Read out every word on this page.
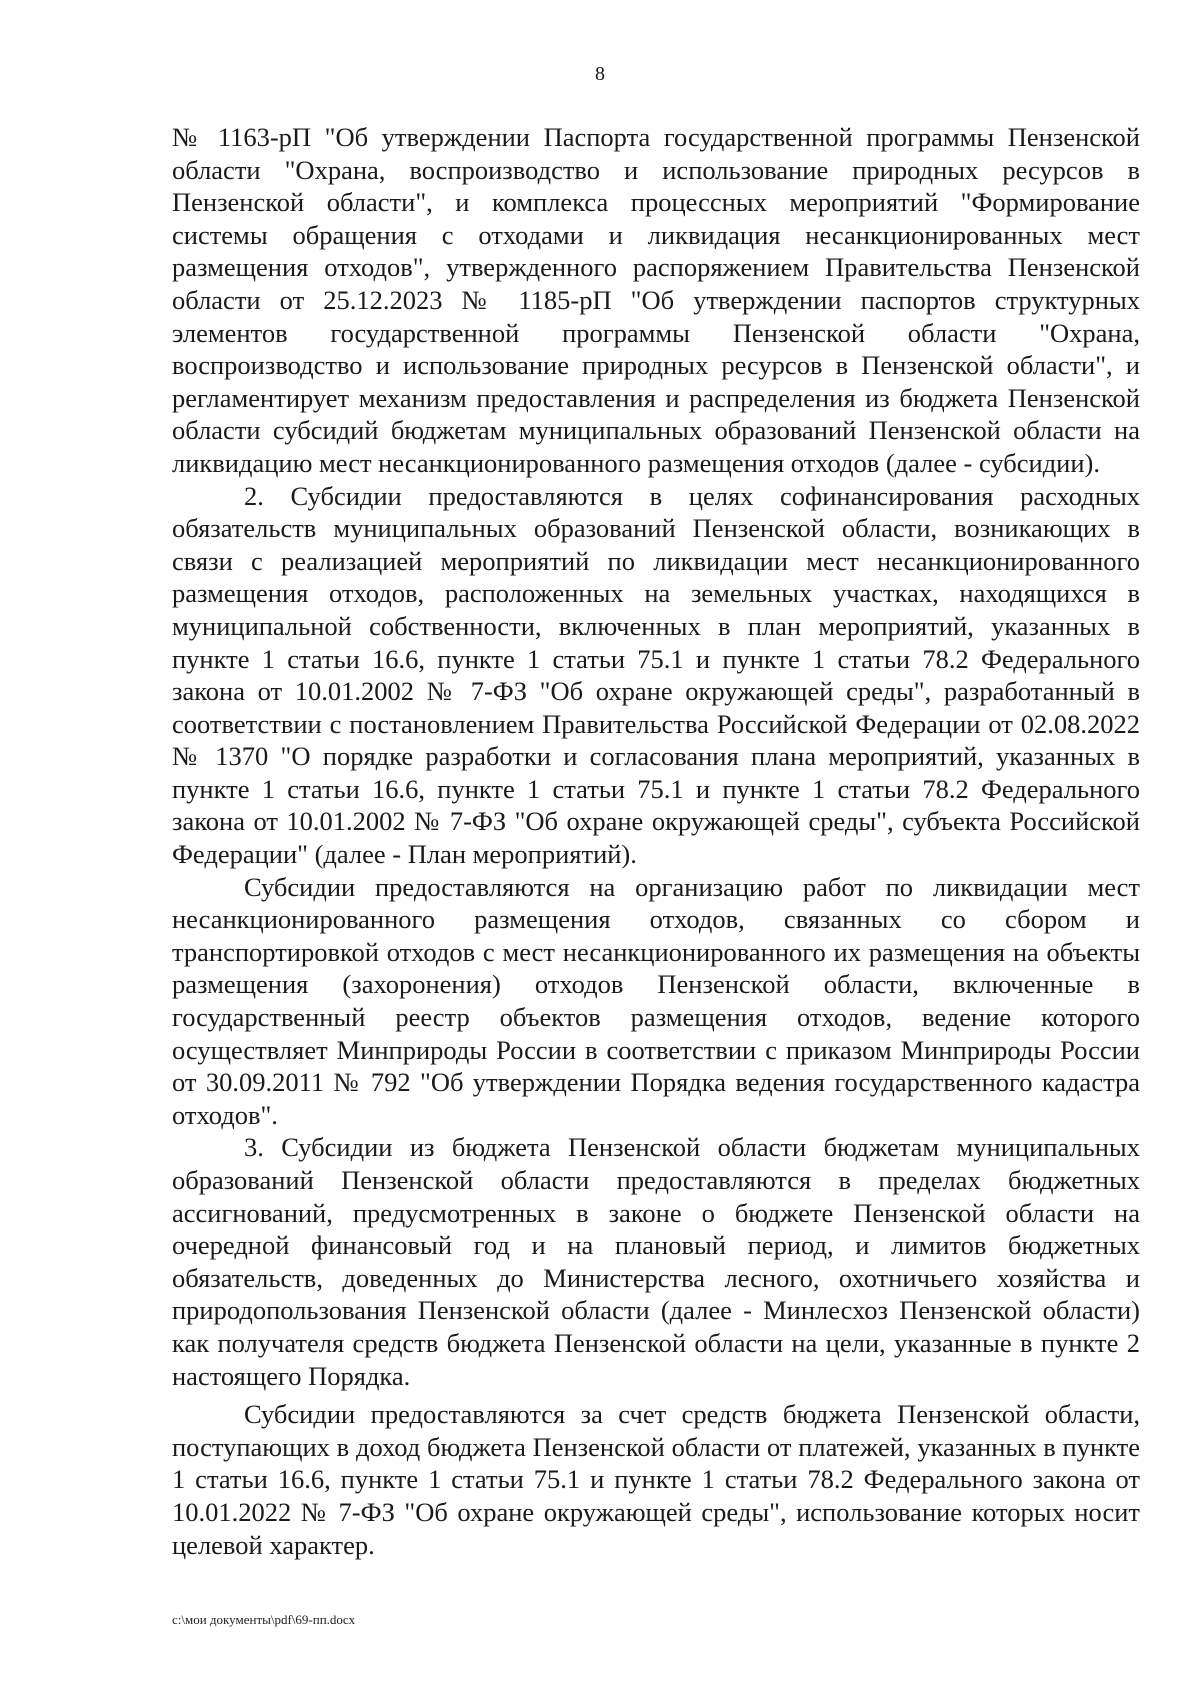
8

№ 1163-рП "Об утверждении Паспорта государственной программы Пензенской области "Охрана, воспроизводство и использование природных ресурсов в Пензенской области", и комплекса процессных мероприятий "Формирование системы обращения с отходами и ликвидация несанкционированных мест размещения отходов", утвержденного распоряжением Правительства Пензенской области от 25.12.2023 № 1185-рП "Об утверждении паспортов структурных элементов государственной программы Пензенской области "Охрана, воспроизводство и использование природных ресурсов в Пензенской области", и регламентирует механизм предоставления и распределения из бюджета Пензенской области субсидий бюджетам муниципальных образований Пензенской области на ликвидацию мест несанкционированного размещения отходов (далее - субсидии).

2. Субсидии предоставляются в целях софинансирования расходных обязательств муниципальных образований Пензенской области, возникающих в связи с реализацией мероприятий по ликвидации мест несанкционированного размещения отходов, расположенных на земельных участках, находящихся в муниципальной собственности, включенных в план мероприятий, указанных в пункте 1 статьи 16.6, пункте 1 статьи 75.1 и пункте 1 статьи 78.2 Федерального закона от 10.01.2002 № 7-ФЗ "Об охране окружающей среды", разработанный в соответствии с постановлением Правительства Российской Федерации от 02.08.2022 № 1370 "О порядке разработки и согласования плана мероприятий, указанных в пункте 1 статьи 16.6, пункте 1 статьи 75.1 и пункте 1 статьи 78.2 Федерального закона от 10.01.2002 № 7-ФЗ "Об охране окружающей среды", субъекта Российской Федерации" (далее - План мероприятий).

Субсидии предоставляются на организацию работ по ликвидации мест несанкционированного размещения отходов, связанных со сбором и транспортировкой отходов с мест несанкционированного их размещения на объекты размещения (захоронения) отходов Пензенской области, включенные в государственный реестр объектов размещения отходов, ведение которого осуществляет Минприроды России в соответствии с приказом Минприроды России от 30.09.2011 № 792 "Об утверждении Порядка ведения государственного кадастра отходов".

3. Субсидии из бюджета Пензенской области бюджетам муниципальных образований Пензенской области предоставляются в пределах бюджетных ассигнований, предусмотренных в законе о бюджете Пензенской области на очередной финансовый год и на плановый период, и лимитов бюджетных обязательств, доведенных до Министерства лесного, охотничьего хозяйства и природопользования Пензенской области (далее - Минлесхоз Пензенской области) как получателя средств бюджета Пензенской области на цели, указанные в пункте 2 настоящего Порядка.

Субсидии предоставляются за счет средств бюджета Пензенской области, поступающих в доход бюджета Пензенской области от платежей, указанных в пункте 1 статьи 16.6, пункте 1 статьи 75.1 и пункте 1 статьи 78.2 Федерального закона от 10.01.2022 № 7-ФЗ "Об охране окружающей среды", использование которых носит целевой характер.

c:\мои документы\pdf\69-пп.docx
